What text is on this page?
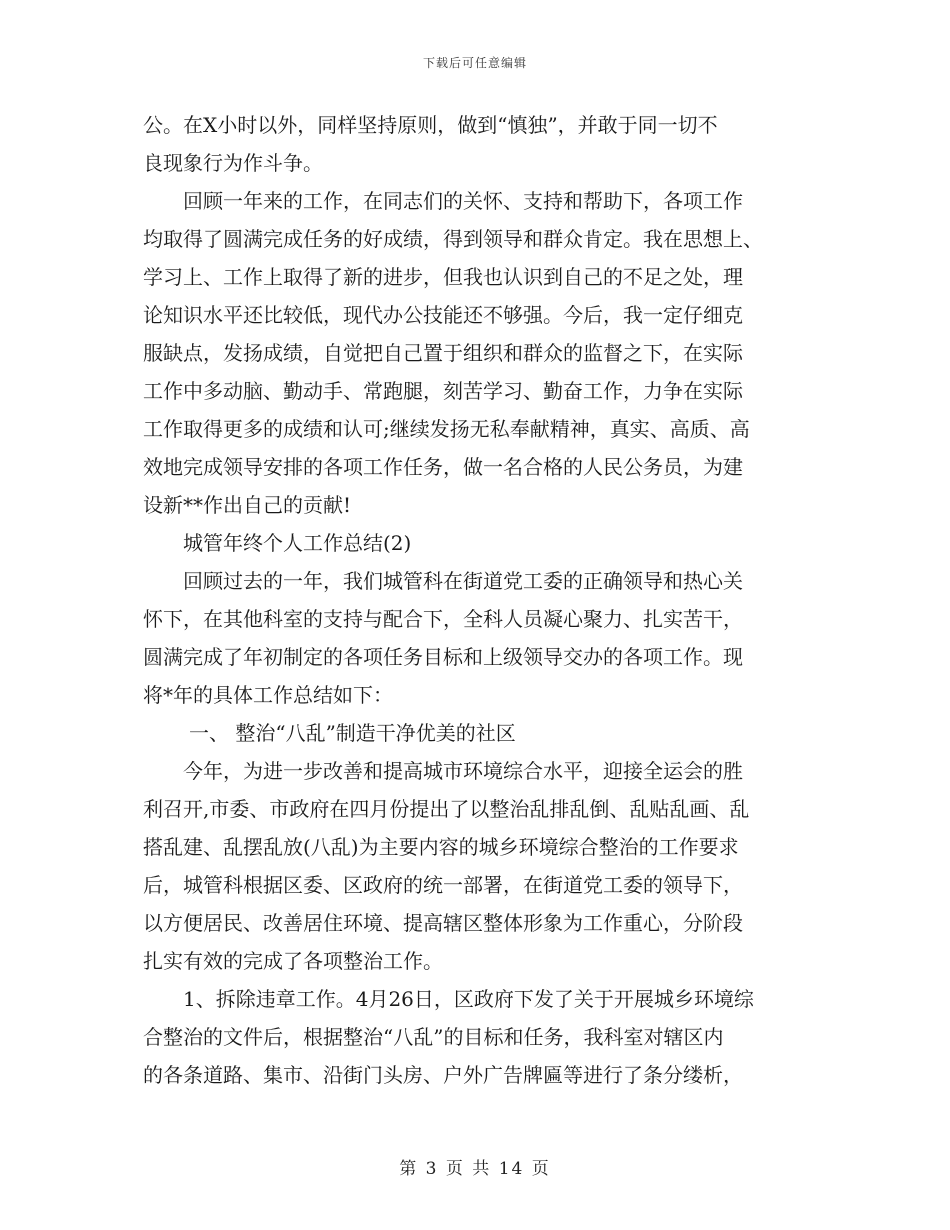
下载后可任意编辑
公。在X小时以外，同样坚持原则，做到“慎独”，并敢于同一切不
良现象行为作斗争。
回顾一年来的工作，在同志们的关怀、支持和帮助下，各项工作
均取得了圆满完成任务的好成绩，得到领导和群众肯定。我在思想上、
学习上、工作上取得了新的进步，但我也认识到自己的不足之处，理
论知识水平还比较低，现代办公技能还不够强。今后，我一定仔细克
服缺点，发扬成绩，自觉把自己置于组织和群众的监督之下，在实际
工作中多动脑、勤动手、常跑腿，刻苦学习、勤奋工作，力争在实际
工作取得更多的成绩和认可;继续发扬无私奉献精神，真实、高质、高
效地完成领导安排的各项工作任务，做一名合格的人民公务员，为建
设新**作出自己的贡献!
城管年终个人工作总结(2)
回顾过去的一年，我们城管科在街道党工委的正确领导和热心关
怀下，在其他科室的支持与配合下，全科人员凝心聚力、扎实苦干，
圆满完成了年初制定的各项任务目标和上级领导交办的各项工作。现
将*年的具体工作总结如下：
一、 整治“八乱”制造干净优美的社区
今年，为进一步改善和提高城市环境综合水平，迎接全运会的胜
利召开,市委、市政府在四月份提出了以整治乱排乱倒、乱贴乱画、乱
搭乱建、乱摆乱放(八乱)为主要内容的城乡环境综合整治的工作要求
后，城管科根据区委、区政府的统一部署，在街道党工委的领导下，
以方便居民、改善居住环境、提高辖区整体形象为工作重心，分阶段
扎实有效的完成了各项整治工作。
1、拆除违章工作。4月26日，区政府下发了关于开展城乡环境综
合整治的文件后，根据整治“八乱”的目标和任务，我科室对辖区内
的各条道路、集市、沿街门头房、户外广告牌匾等进行了条分缕析，
第 3 页 共 14 页
